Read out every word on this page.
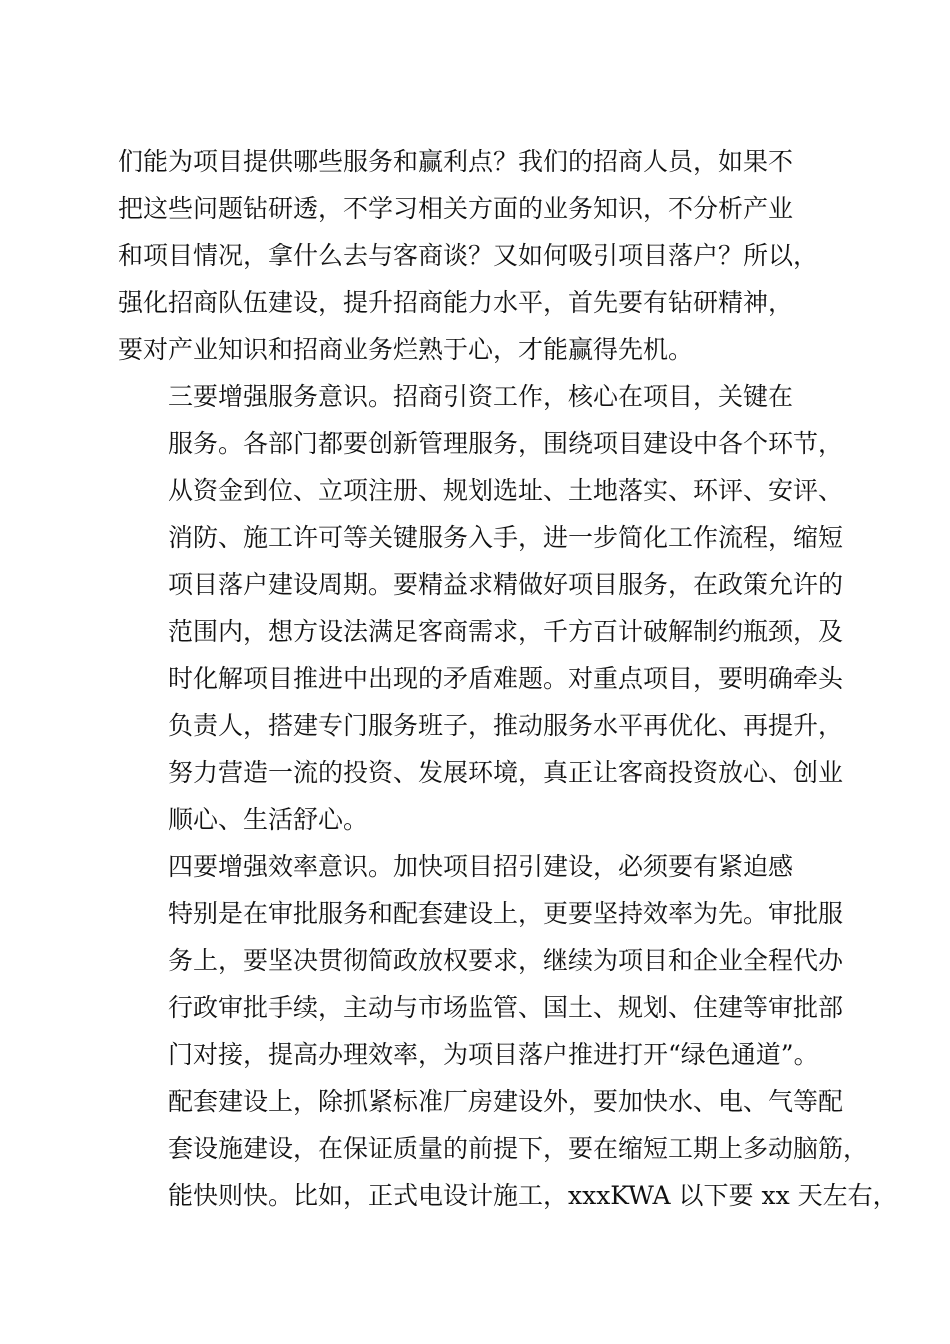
们能为项目提供哪些服务和赢利点？我们的招商人员，如果不
把这些问题钻研透，不学习相关方面的业务知识，不分析产业
和项目情况，拿什么去与客商谈？又如何吸引项目落户？所以，
强化招商队伍建设，提升招商能力水平，首先要有钻研精神，
要对产业知识和招商业务烂熟于心，才能赢得先机。

三要增强服务意识。招商引资工作，核心在项目，关键在
服务。各部门都要创新管理服务，围绕项目建设中各个环节，
从资金到位、立项注册、规划选址、土地落实、环评、安评、
消防、施工许可等关键服务入手，进一步简化工作流程，缩短
项目落户建设周期。要精益求精做好项目服务，在政策允许的
范围内，想方设法满足客商需求，千方百计破解制约瓶颈，及
时化解项目推进中出现的矛盾难题。对重点项目，要明确牵头
负责人，搭建专门服务班子，推动服务水平再优化、再提升，
努力营造一流的投资、发展环境，真正让客商投资放心、创业
顺心、生活舒心。

四要增强效率意识。加快项目招引建设，必须要有紧迫感
特别是在审批服务和配套建设上，更要坚持效率为先。审批服
务上，要坚决贯彻简政放权要求，继续为项目和企业全程代办
行政审批手续，主动与市场监管、国土、规划、住建等审批部
门对接，提高办理效率，为项目落户推进打开“绿色通道”。
配套建设上，除抓紧标准厂房建设外，要加快水、电、气等配
套设施建设，在保证质量的前提下，要在缩短工期上多动脑筋，
能快则快。比如，正式电设计施工，xxxKWA 以下要 xx 天左右，
